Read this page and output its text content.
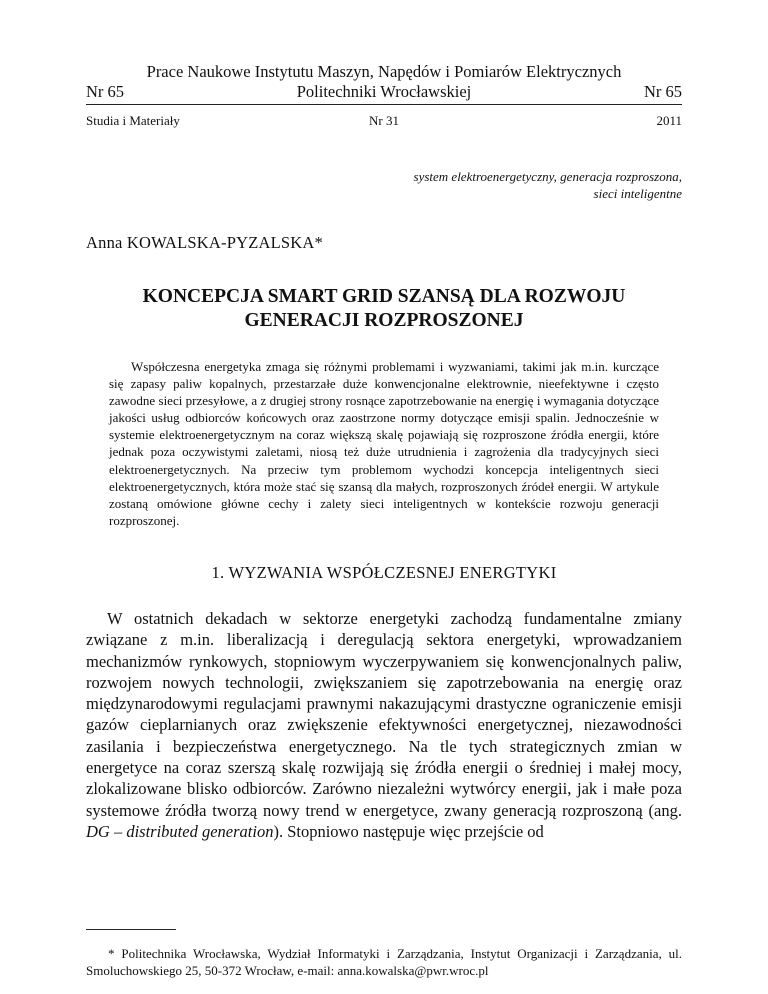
Prace Naukowe Instytutu Maszyn, Napędów i Pomiarów Elektrycznych
Politechniki Wrocławskiej
Nr 65	Nr 65
Studia i Materiały	Nr 31	2011
system elektroenergetyczny, generacja rozproszona,
sieci inteligentne
Anna KOWALSKA-PYZALSKA*
KONCEPCJA SMART GRID SZANSĄ DLA ROZWOJU
GENERACJI ROZPROSZONEJ
Współczesna energetyka zmaga się różnymi problemami i wyzwaniami, takimi jak m.in. kurczące się zapasy paliw kopalnych, przestarzałe duże konwencjonalne elektrownie, nieefektywne i często zawodne sieci przesyłowe, a z drugiej strony rosnące zapotrzebowanie na energię i wymagania dotyczące jakości usług odbiorców końcowych oraz zaostrzone normy dotyczące emisji spalin. Jednocześnie w systemie elektroenergetycznym na coraz większą skalę pojawiają się rozproszone źródła energii, które jednak poza oczywistymi zaletami, niosą też duże utrudnienia i zagrożenia dla tradycyjnych sieci elektroenergetycznych. Na przeciw tym problemom wychodzi koncepcja inteligentnych sieci elektroenergetycznych, która może stać się szansą dla małych, rozproszonych źródeł energii. W artykule zostaną omówione główne cechy i zalety sieci inteligentnych w kontekście rozwoju generacji rozproszonej.
1. WYZWANIA WSPÓŁCZESNEJ ENERGTYKI
W ostatnich dekadach w sektorze energetyki zachodzą fundamentalne zmiany związane z m.in. liberalizacją i deregulacją sektora energetyki, wprowadzaniem mechanizmów rynkowych, stopniowym wyczerpywaniem się konwencjonalnych paliw, rozwojem nowych technologii, zwiększaniem się zapotrzebowania na energię oraz międzynarodowymi regulacjami prawnymi nakazującymi drastyczne ograniczenie emisji gazów cieplarnianych oraz zwiększenie efektywności energetycznej, niezawodności zasilania i bezpieczeństwa energetycznego. Na tle tych strategicznych zmian w energetyce na coraz szerszą skalę rozwijają się źródła energii o średniej i małej mocy, zlokalizowane blisko odbiorców. Zarówno niezależni wytwórcy energii, jak i małe poza systemowe źródła tworzą nowy trend w energetyce, zwany generacją rozproszoną (ang. DG – distributed generation). Stopniowo następuje więc przejście od
* Politechnika Wrocławska, Wydział Informatyki i Zarządzania, Instytut Organizacji i Zarządzania, ul. Smoluchowskiego 25, 50-372 Wrocław, e-mail: anna.kowalska@pwr.wroc.pl
